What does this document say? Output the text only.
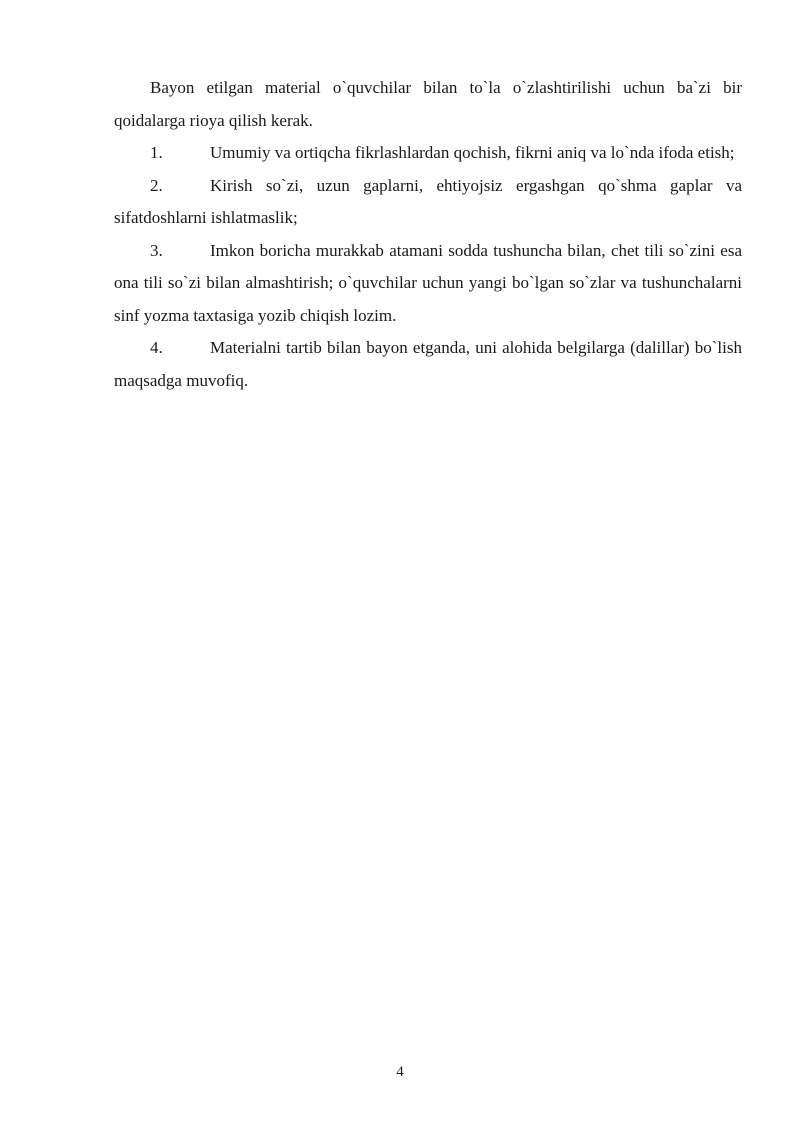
Bayon etilgan material o`quvchilar bilan to`la o`zlashtirilishi uchun ba`zi bir qoidalarga rioya qilish kerak.

1.	Umumiy va ortiqcha fikrlashlardan qochish, fikrni aniq va lo`nda ifoda etish;

2.	Kirish so`zi, uzun gaplarni, ehtiyojsiz ergashgan qo`shma gaplar va sifatdoshlarni ishlatmaslik;

3.	Imkon boricha murakkab atamani sodda tushuncha bilan, chet tili so`zini esa ona tili so`zi bilan almashtirish; o`quvchilar uchun yangi bo`lgan so`zlar va tushunchalarni sinf yozma taxtasiga yozib chiqish lozim.

4.	Materialni tartib bilan bayon etganda, uni alohida belgilarga (dalillar) bo`lish maqsadga muvofiq.

4
